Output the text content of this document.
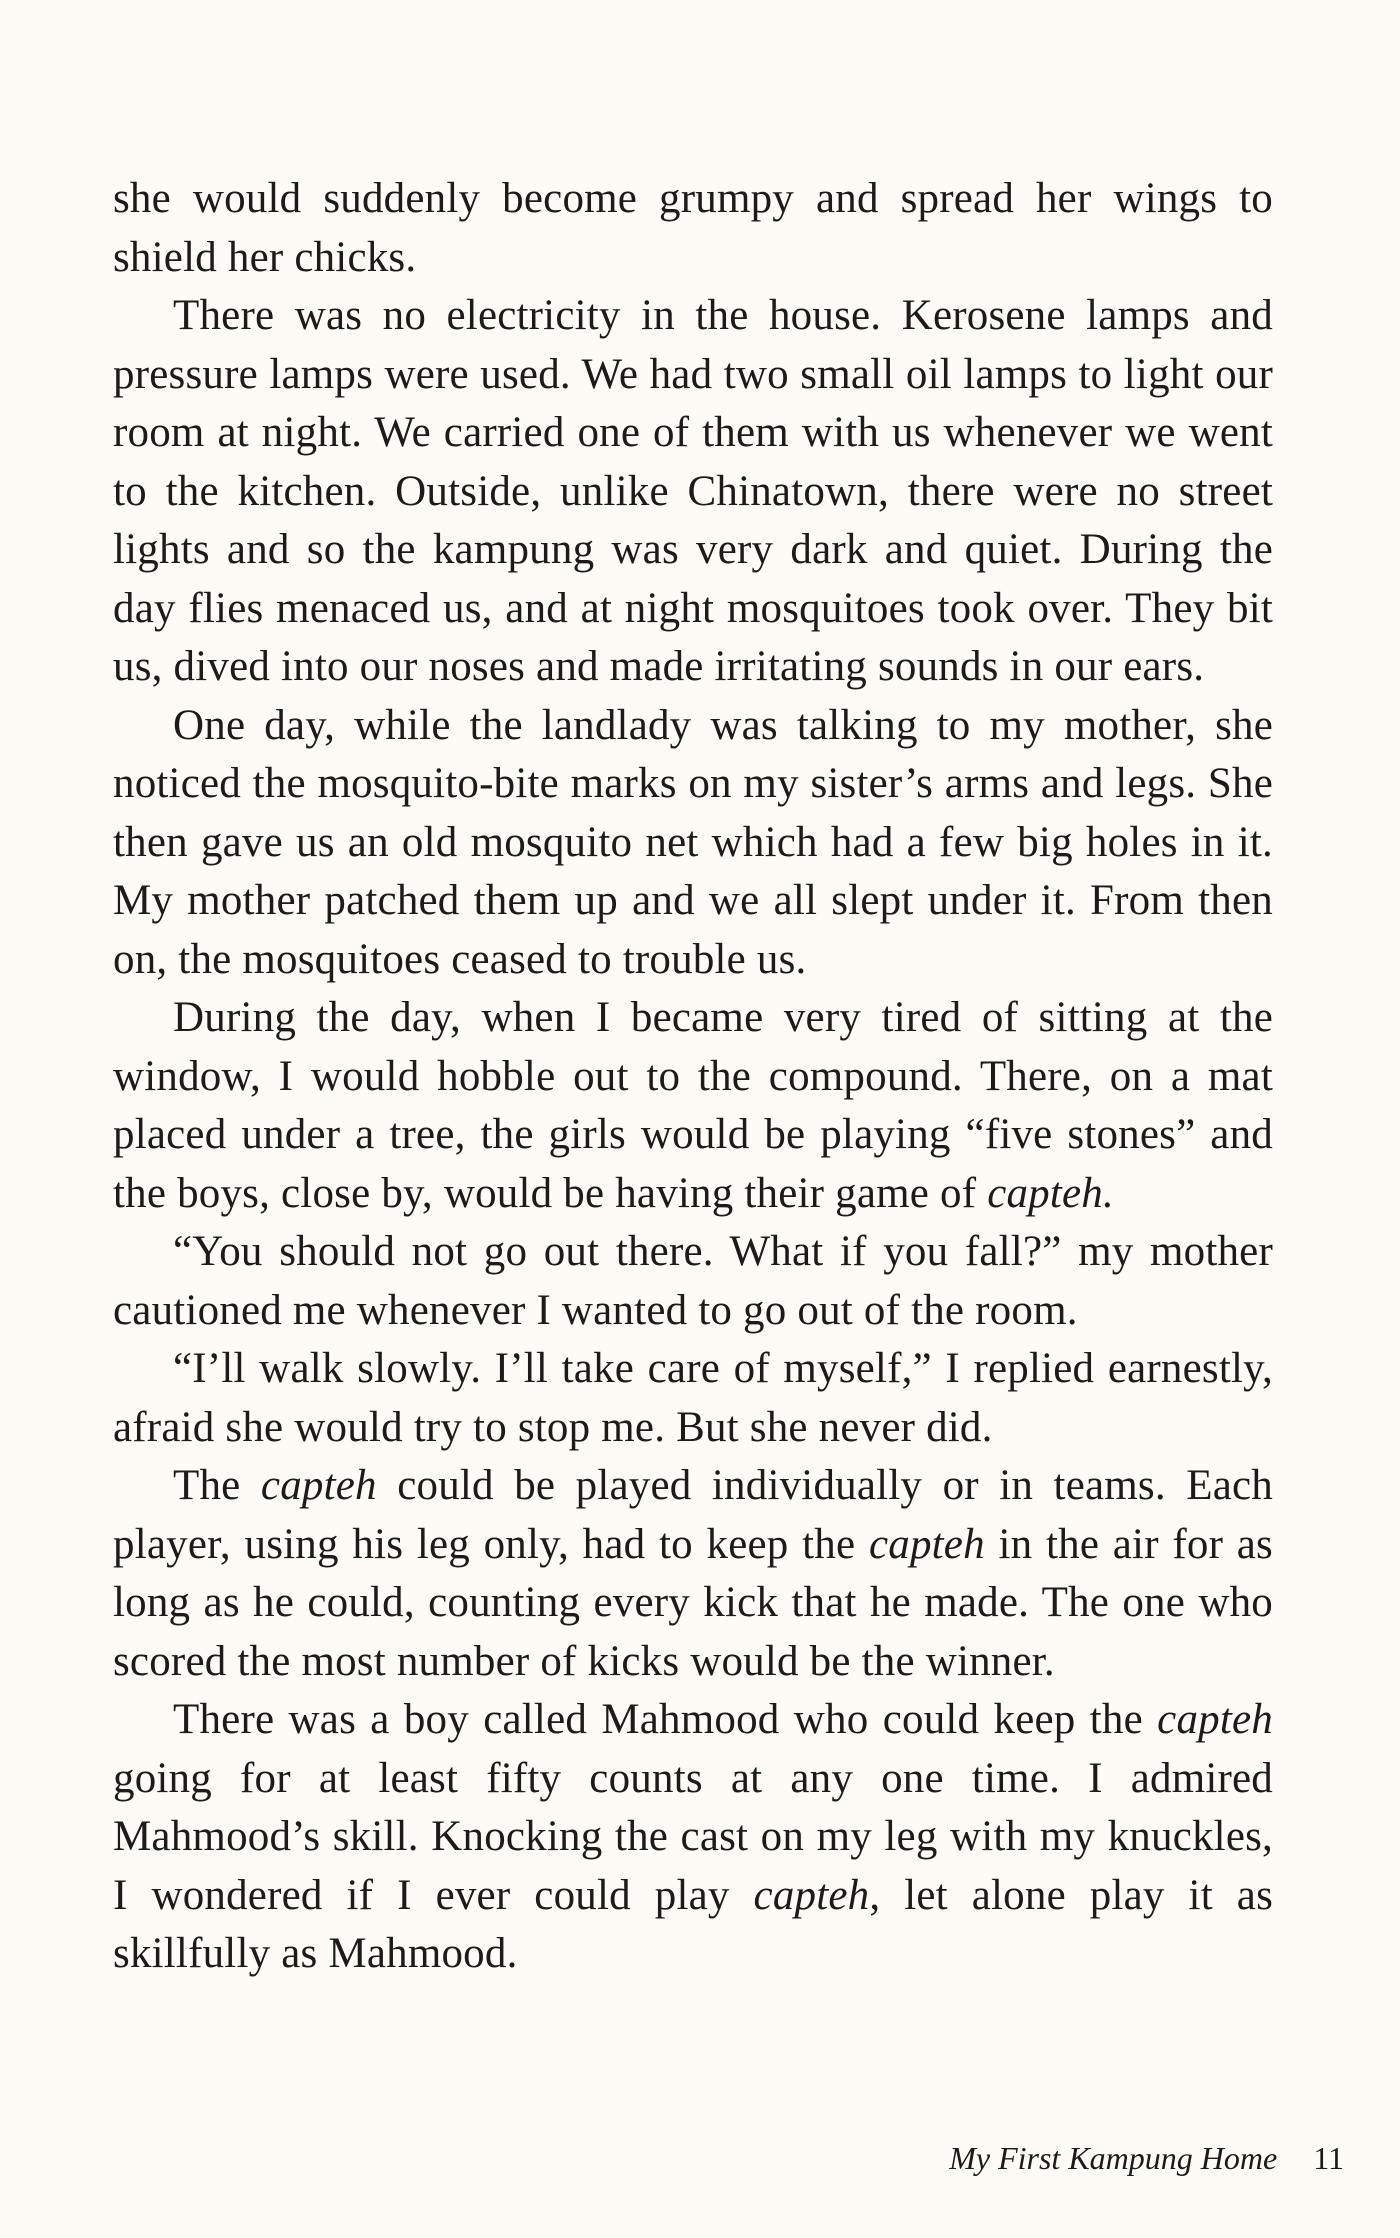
she would suddenly become grumpy and spread her wings to shield her chicks.

There was no electricity in the house. Kerosene lamps and pressure lamps were used. We had two small oil lamps to light our room at night. We carried one of them with us whenever we went to the kitchen. Outside, unlike Chinatown, there were no street lights and so the kampung was very dark and quiet. During the day flies menaced us, and at night mosquitoes took over. They bit us, dived into our noses and made irritating sounds in our ears.

One day, while the landlady was talking to my mother, she noticed the mosquito-bite marks on my sister’s arms and legs. She then gave us an old mosquito net which had a few big holes in it. My mother patched them up and we all slept under it. From then on, the mosquitoes ceased to trouble us.

During the day, when I became very tired of sitting at the window, I would hobble out to the compound. There, on a mat placed under a tree, the girls would be playing “five stones” and the boys, close by, would be having their game of capteh.

“You should not go out there. What if you fall?” my mother cautioned me whenever I wanted to go out of the room.

“I’ll walk slowly. I’ll take care of myself,” I replied earnestly, afraid she would try to stop me. But she never did.

The capteh could be played individually or in teams. Each player, using his leg only, had to keep the capteh in the air for as long as he could, counting every kick that he made. The one who scored the most number of kicks would be the winner.

There was a boy called Mahmood who could keep the capteh going for at least fifty counts at any one time. I admired Mahmood’s skill. Knocking the cast on my leg with my knuckles, I wondered if I ever could play capteh, let alone play it as skillfully as Mahmood.

My First Kampung Home 11
